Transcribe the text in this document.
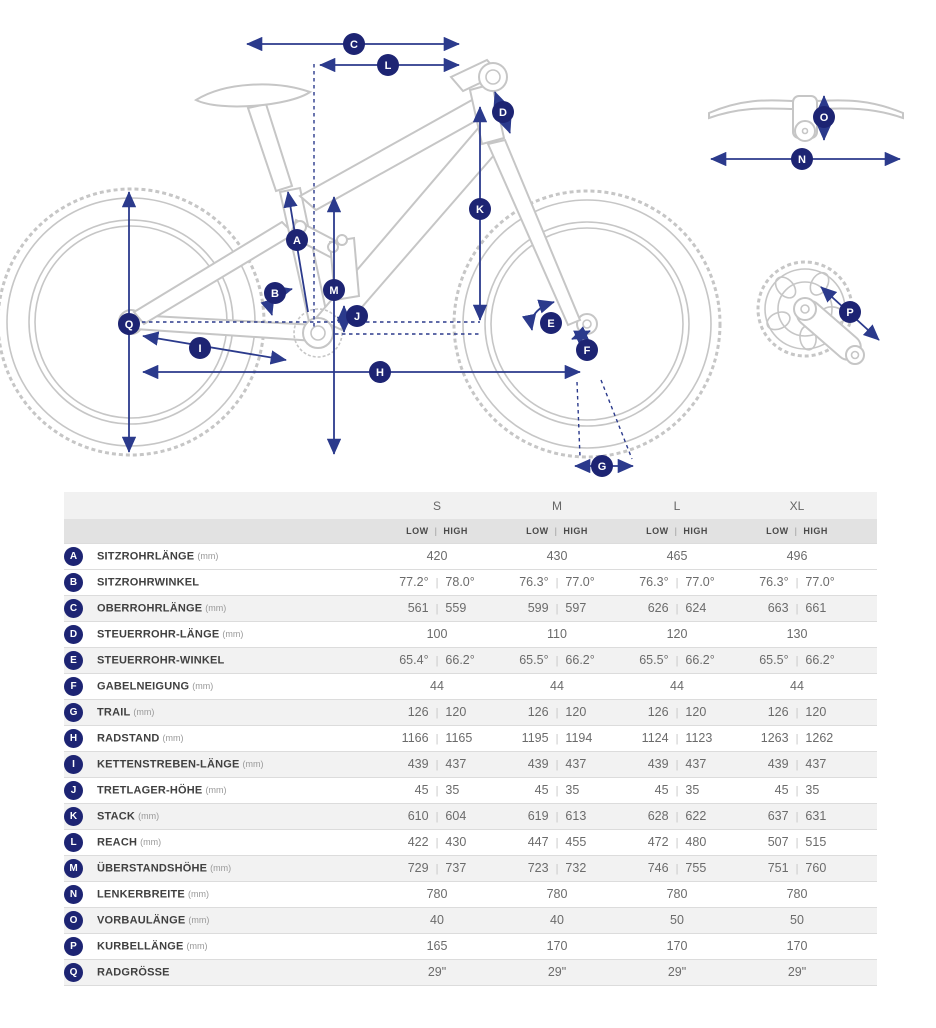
A
B
C
D
E
F
G
H
I
J
K
L
M
N
O
P
Q
	S	M	L	XL	
	LOW | HIGH	LOW | HIGH	LOW | HIGH	LOW | HIGH	
A SITZROHRLÄNGE (mm)	420	430	465	496	
B SITZROHRWINKEL	77.2° | 78.0°	76.3° | 77.0°	76.3° | 77.0°	76.3° | 77.0°	
C OBERROHRLÄNGE (mm)	561 | 559	599 | 597	626 | 624	663 | 661	
D STEUERROHR-LÄNGE (mm)	100	110	120	130	
E STEUERROHR-WINKEL	65.4° | 66.2°	65.5° | 66.2°	65.5° | 66.2°	65.5° | 66.2°	
F GABELNEIGUNG (mm)	44	44	44	44	
G TRAIL (mm)	126 | 120	126 | 120	126 | 120	126 | 120	
H RADSTAND (mm)	1166 | 1165	1195 | 1194	1124 | 1123	1263 | 1262	
I KETTENSTREBEN-LÄNGE (mm)	439 | 437	439 | 437	439 | 437	439 | 437	
J TRETLAGER-HÖHE (mm)	45 | 35	45 | 35	45 | 35	45 | 35	
K STACK (mm)	610 | 604	619 | 613	628 | 622	637 | 631	
L REACH (mm)	422 | 430	447 | 455	472 | 480	507 | 515	
M ÜBERSTANDSHÖHE (mm)	729 | 737	723 | 732	746 | 755	751 | 760	
N LENKERBREITE (mm)	780	780	780	780	
O VORBAULÄNGE (mm)	40	40	50	50	
P KURBELLÄNGE (mm)	165	170	170	170	
Q RADGRÖSSE	29"	29"	29"	29"	
